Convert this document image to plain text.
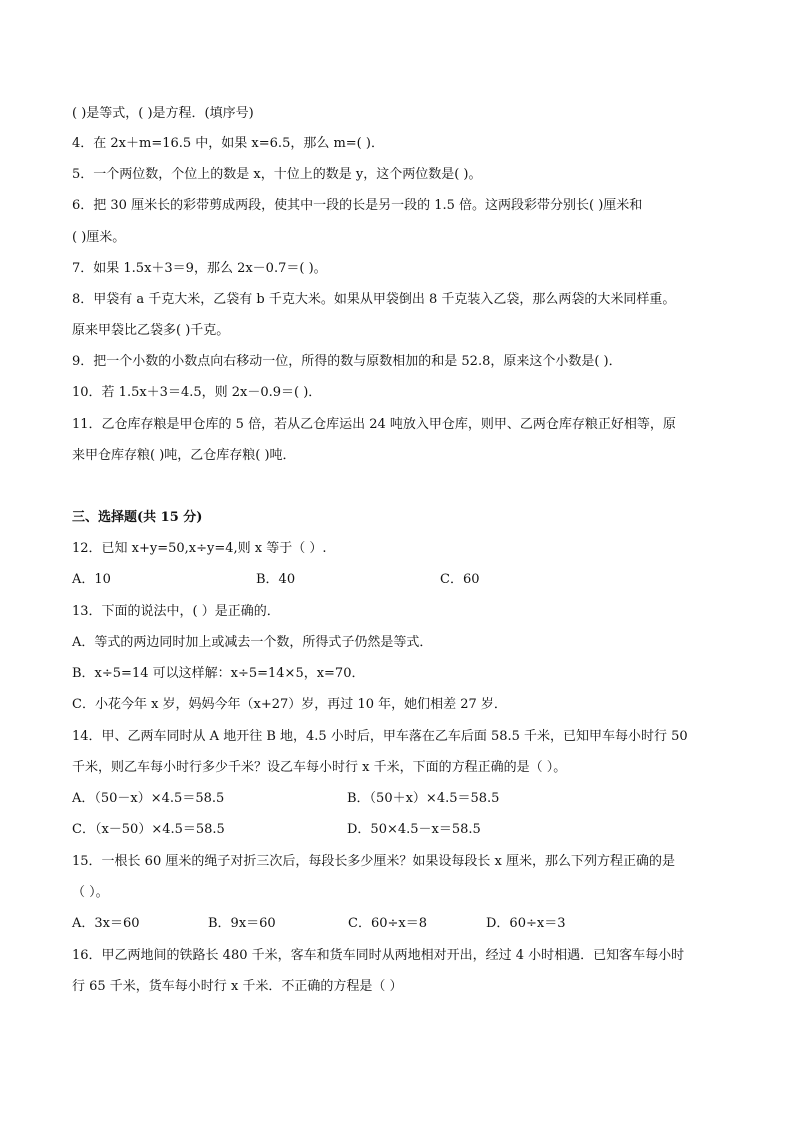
( )是等式，( )是方程．(填序号)
4．在 2x＋m=16.5 中，如果 x=6.5，那么 m=( )．
5．一个两位数，个位上的数是 x，十位上的数是 y，这个两位数是( )。
6．把 30 厘米长的彩带剪成两段，使其中一段的长是另一段的 1.5 倍。这两段彩带分别长( )厘米和
( )厘米。
7．如果 1.5x＋3＝9，那么 2x－0.7＝( )。
8．甲袋有 a 千克大米，乙袋有 b 千克大米。如果从甲袋倒出 8 千克装入乙袋，那么两袋的大米同样重。
原来甲袋比乙袋多( )千克。
9．把一个小数的小数点向右移动一位，所得的数与原数相加的和是 52.8，原来这个小数是( )．
10．若 1.5x＋3＝4.5，则 2x－0.9＝( )．
11．乙仓库存粮是甲仓库的 5 倍，若从乙仓库运出 24 吨放入甲仓库，则甲、乙两仓库存粮正好相等，原
来甲仓库存粮( )吨，乙仓库存粮( )吨．
三、选择题(共 15 分)
12．已知 x+y=50,x÷y=4,则 x 等于（ ）.
A．10	B．40	C．60
13．下面的说法中，( ）是正确的．
A．等式的两边同时加上或减去一个数，所得式子仍然是等式．
B．x÷5=14 可以这样解：x÷5=14×5，x=70．
C．小花今年 x 岁，妈妈今年（x+27）岁，再过 10 年，她们相差 27 岁．
14．甲、乙两车同时从 A 地开往 B 地，4.5 小时后，甲车落在乙车后面 58.5 千米，已知甲车每小时行 50
千米，则乙车每小时行多少千米？设乙车每小时行 x 千米，下面的方程正确的是（ ）。
A．（50－x）×4.5＝58.5	B．（50＋x）×4.5＝58.5
C．（x－50）×4.5＝58.5	D．50×4.5－x＝58.5
15．一根长 60 厘米的绳子对折三次后，每段长多少厘米？如果设每段长 x 厘米，那么下列方程正确的是
（ ）。
A．3x＝60	B．9x＝60	C．60÷x＝8	D．60÷x＝3
16．甲乙两地间的铁路长 480 千米，客车和货车同时从两地相对开出，经过 4 小时相遇．已知客车每小时
行 65 千米，货车每小时行 x 千米．不正确的方程是（ ）
